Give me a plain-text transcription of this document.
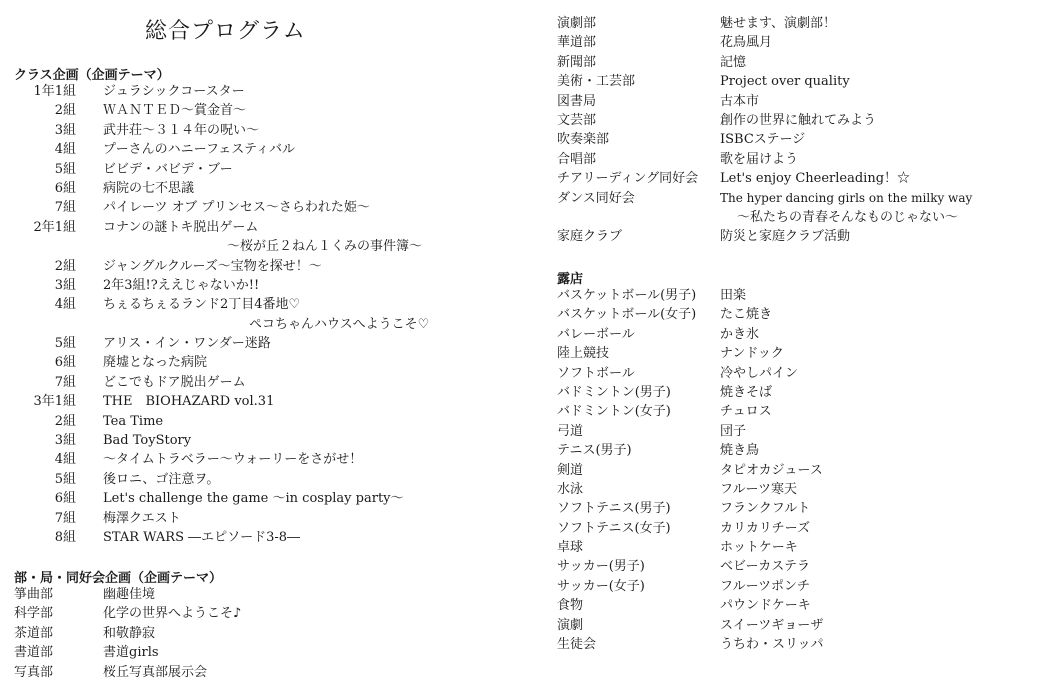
総合プログラム
クラス企画（企画テーマ）
1年1組 ジュラシックコースター
2組 ＷＡＮＴＥＤ～賞金首～
3組 武井荘～３１４年の呪い～
4組 プーさんのハニーフェスティバル
5組 ビビデ・バビデ・ブー
6組 病院の七不思議
7組 パイレーツ オブ プリンセス～さらわれた姫～
2年1組 コナンの謎トキ脱出ゲーム
～桜が丘２ねん１くみの事件簿～
2組 ジャングルクルーズ～宝物を探せ！～
3組 2年3組!?ええじゃないか!!
4組 ちぇるちぇるランド2丁目4番地♡
ペコちゃんハウスへようこそ♡
5組 アリス・イン・ワンダー迷路
6組 廃墟となった病院
7組 どこでもドア脱出ゲーム
3年1組 THE　BIOHAZARD vol.31
2組 Tea Time
3組 Bad ToyStory
4組 ～タイムトラベラー～ウォーリーをさがせ！
5組 後ロニ、ゴ注意ヲ。
6組 Let's challenge the game ～in cosplay party～
7組 梅澤クエスト
8組 STAR WARS ―エピソード3-8―
部・局・同好会企画（企画テーマ）
箏曲部	幽趣佳境
科学部	化学の世界へようこそ♪
茶道部	和敬静寂
書道部	書道girls
写真部	桜丘写真部展示会
演劇部	魅せます、演劇部！
華道部	花鳥風月
新聞部	記憶
美術・工芸部	Project over quality
図書局	古本市
文芸部	創作の世界に触れてみよう
吹奏楽部	ISBCステージ
合唱部	歌を届けよう
チアリーディング同好会 Let's enjoy Cheerleading！☆
ダンス同好会	The hyper dancing girls on the milky way
～私たちの青春そんなものじゃない～
家庭クラブ	防災と家庭クラブ活動
露店
バスケットボール(男子) 田楽
バスケットボール(女子) たこ焼き
バレーボール	かき氷
陸上競技	ナンドック
ソフトボール	冷やしパイン
バドミントン(男子)	焼きそば
バドミントン(女子)	チュロス
弓道	団子
テニス(男子)	焼き鳥
剣道	タピオカジュース
水泳	フルーツ寒天
ソフトテニス(男子)	フランクフルト
ソフトテニス(女子)	カリカリチーズ
卓球	ホットケーキ
サッカー(男子)	ベビーカステラ
サッカー(女子)	フルーツポンチ
食物	パウンドケーキ
演劇	スイーツギョーザ
生徒会	うちわ・スリッパ
